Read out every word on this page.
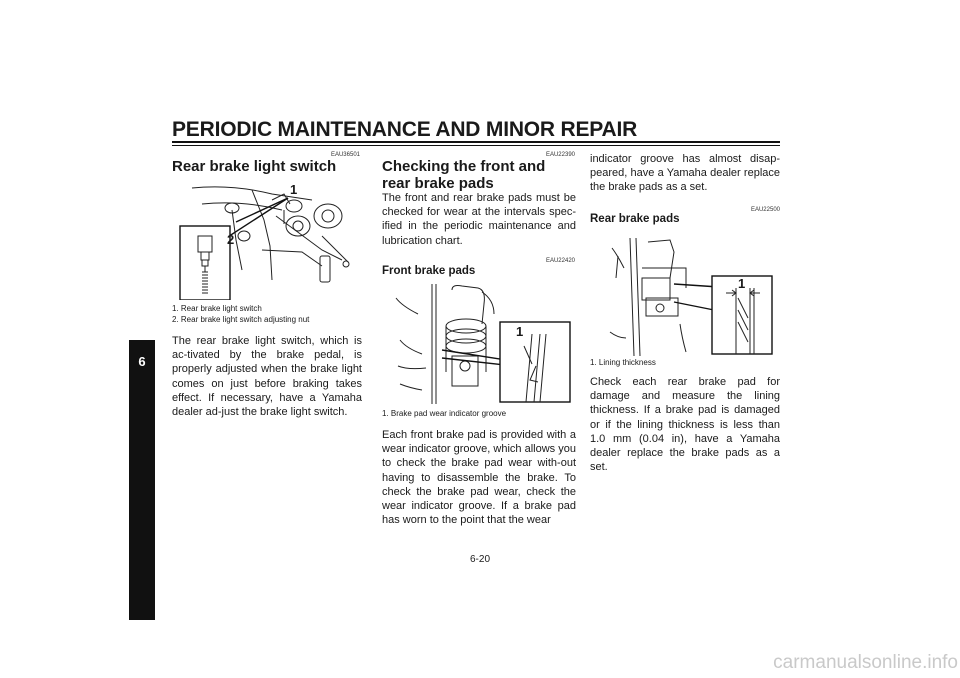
PERIODIC MAINTENANCE AND MINOR REPAIR
6
EAU36501
Rear brake light switch
1
2
1. Rear brake light switch
2. Rear brake light switch adjusting nut
The rear brake light switch, which is ac-tivated by the brake pedal, is properly adjusted when the brake light comes on just before braking takes effect. If necessary, have a Yamaha dealer ad-just the brake light switch.
EAU22390
Checking the front and rear brake pads
The front and rear brake pads must be checked for wear at the intervals spec-ified in the periodic maintenance and lubrication chart.
EAU22420
Front brake pads
1
1. Brake pad wear indicator groove
Each front brake pad is provided with a wear indicator groove, which allows you to check the brake pad wear with-out having to disassemble the brake. To check the brake pad wear, check the wear indicator groove. If a brake pad has worn to the point that the wear
indicator groove has almost disap-peared, have a Yamaha dealer replace the brake pads as a set.
EAU22500
Rear brake pads
1
1. Lining thickness
Check each rear brake pad for damage and measure the lining thickness. If a brake pad is damaged or if the lining thickness is less than 1.0 mm (0.04 in), have a Yamaha dealer replace the brake pads as a set.
6-20
carmanualsonline.info
